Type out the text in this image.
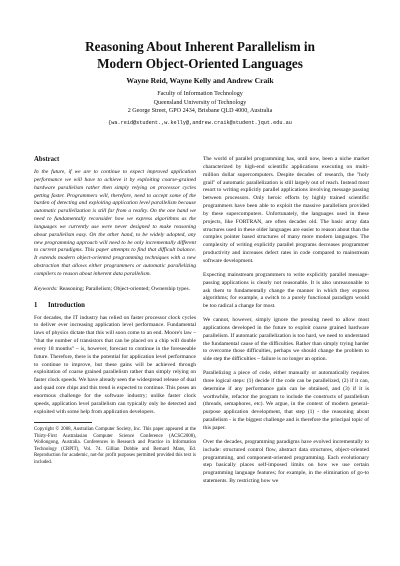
Reasoning About Inherent Parallelism in
Modern Object-Oriented Languages
Wayne Reid, Wayne Kelly and Andrew Craik
Faculty of Information Technology
Queensland University of Technology
2 George Street, GPO 2434, Brisbane QLD 4000, Australia
{wa.reid@student.,w.kelly@,andrew.craik@student.}qut.edu.au
Abstract
In the future, if we are to continue to expect improved application performance we will have to achieve it by exploiting coarse-grained hardware parallelism rather then simply relying on processor cycles getting faster. Programmers will, therefore, need to accept some of the burden of detecting and exploiting application level parallelism because automatic parallelization is still far from a reality. On the one hand we need to fundamentally reconsider how we express algorithms as the languages we currently use were never designed to make reasoning about parallelism easy. On the other hand, to be widely adopted, any new programming approach will need to be only incrementally different to current paradigms. This paper attempts to find that difficult balance. It extends modern object-oriented programming techniques with a new abstraction that allows either programmers or automatic parallelizing compilers to reason about inherent data parallelism.
Keywords: Reasoning; Parallelism; Object-oriented; Ownership types.
1 Introduction

For decades, the IT industry has relied on faster processor clock cycles to deliver ever increasing application level performance. Fundamental laws of physics dictate that this will soon come to an end. Moore's law – "that the number of transistors that can be placed on a chip will double every 18 months" – is, however, forecast to continue in the foreseeable future. Therefore, there is the potential for application level performance to continue to improve, but these gains will be achieved through exploitation of coarse grained parallelism rather than simply relying on faster clock speeds. We have already seen the widespread release of dual and quad core chips and this trend is expected to continue. This poses an enormous challenge for the software industry; unlike faster clock speeds, application level parallelism can typically only be detected and exploited with some help from application developers.

Copyright © 2008, Australian Computer Society, Inc. This paper appeared at the Thirty-First Australasian Computer Science Conference (ACSC2008), Wollongong, Australia. Conferences in Research and Practice in Information Technology (CRPIT), Vol. 74. Gillian Dobbie and Bernard Mans, Ed. Reproduction for academic, not-for profit purposes permitted provided this text is included.

The world of parallel programming has, until now, been a niche market characterized by high-end scientific applications executing on multi-million dollar supercomputers. Despite decades of research, the "holy grail" of automatic parallelization is still largely out of reach. Instead most resort to writing explicitly parallel applications involving message passing between processors. Only heroic efforts by highly trained scientific programmers have been able to exploit the massive parallelism provided by these supercomputers. Unfortunately, the languages used in these projects, like FORTRAN, are often decades old. The basic array data structures used in these older languages are easier to reason about than the complex pointer based structures of many more modern languages. The complexity of writing explicitly parallel programs decreases programmer productivity and increases defect rates in code compared to mainstream software development.

Expecting mainstream programmers to write explicitly parallel message-passing applications is clearly not reasonable. It is also unreasonable to ask them to fundamentally change the manner in which they express algorithms; for example, a switch to a purely functional paradigm would be too radical a change for most.

We cannot, however, simply ignore the pressing need to allow most applications developed in the future to exploit coarse grained hardware parallelism. If automatic parallelization is too hard, we need to understand the fundamental cause of the difficulties. Rather than simply trying harder to overcome those difficulties, perhaps we should change the problem to side step the difficulties – failure is no longer an option.

Parallelizing a piece of code, either manually or automatically requires three logical steps: (1) decide if the code can be parallelized, (2) if it can, determine if any performance gain can be obtained, and (3) if it is worthwhile, refactor the program to include the constructs of parallelism (threads, semaphores, etc). We argue, in the context of modern general-purpose application development, that step (1) - the reasoning about parallelism - is the biggest challenge and is therefore the principal topic of this paper.

Over the decades, programming paradigms have evolved incrementally to include: structured control flow, abstract data structures, object-oriented programming, and component-oriented programming. Each evolutionary step basically places self-imposed limits on how we use certain programming language features; for example, in the elimination of go-to statements. By restricting how we
